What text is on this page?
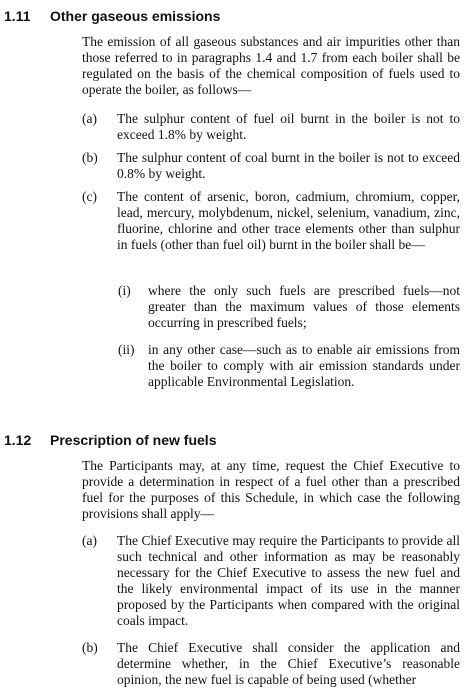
1.11 Other gaseous emissions
The emission of all gaseous substances and air impurities other than those referred to in paragraphs 1.4 and 1.7 from each boiler shall be regulated on the basis of the chemical composition of fuels used to operate the boiler, as follows—
(a) The sulphur content of fuel oil burnt in the boiler is not to exceed 1.8% by weight.
(b) The sulphur content of coal burnt in the boiler is not to exceed 0.8% by weight.
(c) The content of arsenic, boron, cadmium, chromium, copper, lead, mercury, molybdenum, nickel, selenium, vanadium, zinc, fluorine, chlorine and other trace elements other than sulphur in fuels (other than fuel oil) burnt in the boiler shall be—
(i) where the only such fuels are prescribed fuels—not greater than the maximum values of those elements occurring in prescribed fuels;
(ii) in any other case—such as to enable air emissions from the boiler to comply with air emission standards under applicable Environmental Legislation.
1.12 Prescription of new fuels
The Participants may, at any time, request the Chief Executive to provide a determination in respect of a fuel other than a prescribed fuel for the purposes of this Schedule, in which case the following provisions shall apply—
(a) The Chief Executive may require the Participants to provide all such technical and other information as may be reasonably necessary for the Chief Executive to assess the new fuel and the likely environmental impact of its use in the manner proposed by the Participants when compared with the original coals impact.
(b) The Chief Executive shall consider the application and determine whether, in the Chief Executive’s reasonable opinion, the new fuel is capable of being used (whether
